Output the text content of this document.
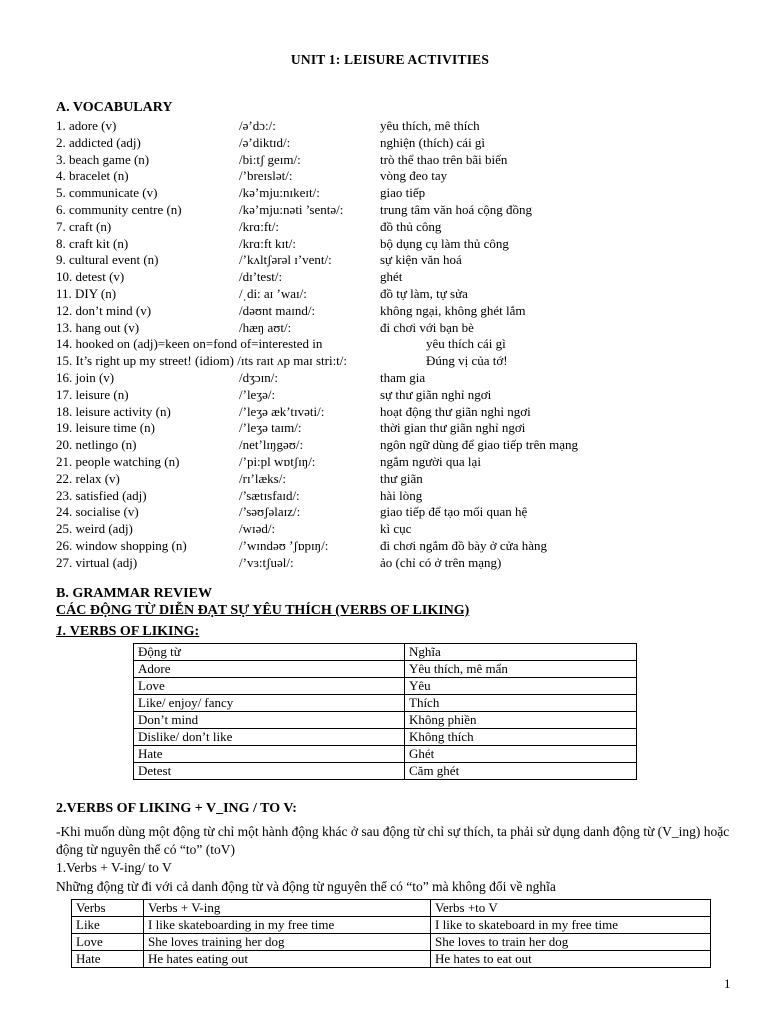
UNIT 1: LEISURE ACTIVITIES
A. VOCABULARY
1. adore (v)	/ə’dɔ:/:	yêu thích, mê thích
2. addicted (adj)	/ə’diktɪd/:	nghiện (thích) cái gì
3. beach game (n)	/bi:tʃ geɪm/:	trò thể thao trên bãi biển
4. bracelet (n)	/’breɪslət/:	vòng đeo tay
5. communicate (v)	/kə’mju:nɪkeɪt/:	giao tiếp
6. community centre (n)	/kə’mju:nəti ’sentə/:	trung tâm văn hoá cộng đồng
7. craft (n)	/krɑ:ft/:	đồ thủ công
8. craft kit (n)	/krɑ:ft kɪt/:	bộ dụng cụ làm thủ công
9. cultural event (n)	/’kʌltʃərəl ɪ’vent/:	sự kiện văn hoá
10. detest (v)	/dɪ’test/:	ghét
11. DIY (n)	/ˌdi: aɪ ’waɪ/:	đồ tự làm, tự sửa
12. don’t mind (v)	/dəʊnt maɪnd/:	không ngại, không ghét lắm
13. hang out (v)	/hæŋ aʊt/:	đi chơi với bạn bè
14. hooked on (adj)=keen on=fond of=interested in	yêu thích cái gì
15. It’s right up my street! (idiom) /ɪts raɪt ʌp maɪ stri:t/:	Đúng vị của tớ!
16. join (v)	/dʒɔɪn/:	tham gia
17. leisure (n)	/’leʒə/:	sự thư giãn nghỉ ngơi
18. leisure activity (n)	/’leʒə æk’tɪvəti/:	hoạt động thư giãn nghỉ ngơi
19. leisure time (n)	/’leʒə taɪm/:	thời gian thư giãn nghỉ ngơi
20. netlingo (n)	/net’lɪŋgəʊ/:	ngôn ngữ dùng để giao tiếp trên mạng
21. people watching (n)	/’pi:pl wɒtʃɪŋ/:	ngắm người qua lại
22. relax (v)	/rɪ’læks/:	thư giãn
23. satisfied (adj)	/’sætɪsfaɪd/:	hài lòng
24. socialise (v)	/’səʊʃəlaɪz/:	giao tiếp để tạo mối quan hệ
25. weird (adj)	/wɪəd/:	kì cục
26. window shopping (n)	/’wɪndəʊ ’ʃɒpɪŋ/:	đi chơi ngắm đồ bày ở cửa hàng
27. virtual (adj)	/’vɜ:tʃuəl/:	ảo (chỉ có ở trên mạng)
B. GRAMMAR REVIEW
CÁC ĐỘNG TỪ DIỄN ĐẠT SỰ YÊU THÍCH (VERBS OF LIKING)
1. VERBS OF LIKING:
Động từ	Nghĩa
Adore	Yêu thích, mê mẩn
Love	Yêu
Like/ enjoy/ fancy	Thích
Don’t mind	Không phiền
Dislike/ don’t like	Không thích
Hate	Ghét
Detest	Căm ghét
2.VERBS OF LIKING + V_ING / TO V:
-Khi muốn dùng một động từ chỉ một hành động khác ở sau động từ chỉ sự thích, ta phải sử dụng danh động từ (V_ing) hoặc động từ nguyên thể có “to” (toV)
1.Verbs + V-ing/ to V
Những động từ đi với cả danh động từ và động từ nguyên thể có “to” mà không đổi về nghĩa
Verbs	Verbs + V-ing	Verbs +to V
Like	I like skateboarding in my free time	I like to skateboard in my free time
Love	She loves training her dog	She loves to train her dog
Hate	He hates eating out	He hates to eat out
1
